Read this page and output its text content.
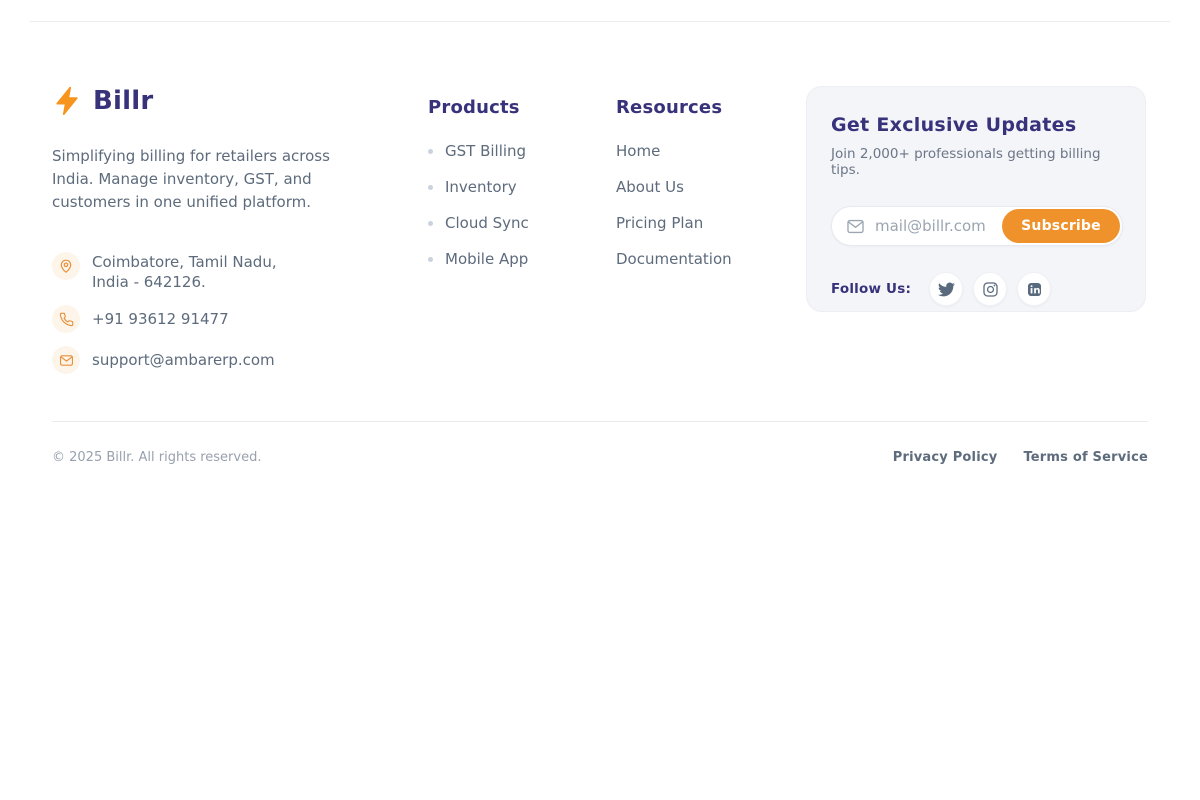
Billr

Simplifying billing for retailers across India. Manage inventory, GST, and customers in one unified platform.

Coimbatore, Tamil Nadu,
India - 642126.
+91 93612 91477
support@ambarerp.com
Products
GST Billing
Inventory
Cloud Sync
Mobile App
Resources
Home
About Us
Pricing Plan
Documentation
Get Exclusive Updates

Join 2,000+ professionals getting billing tips.

mail@billr.com
Subscribe
Follow Us:
© 2025 Billr. All rights reserved.	Privacy Policy Terms of Service
